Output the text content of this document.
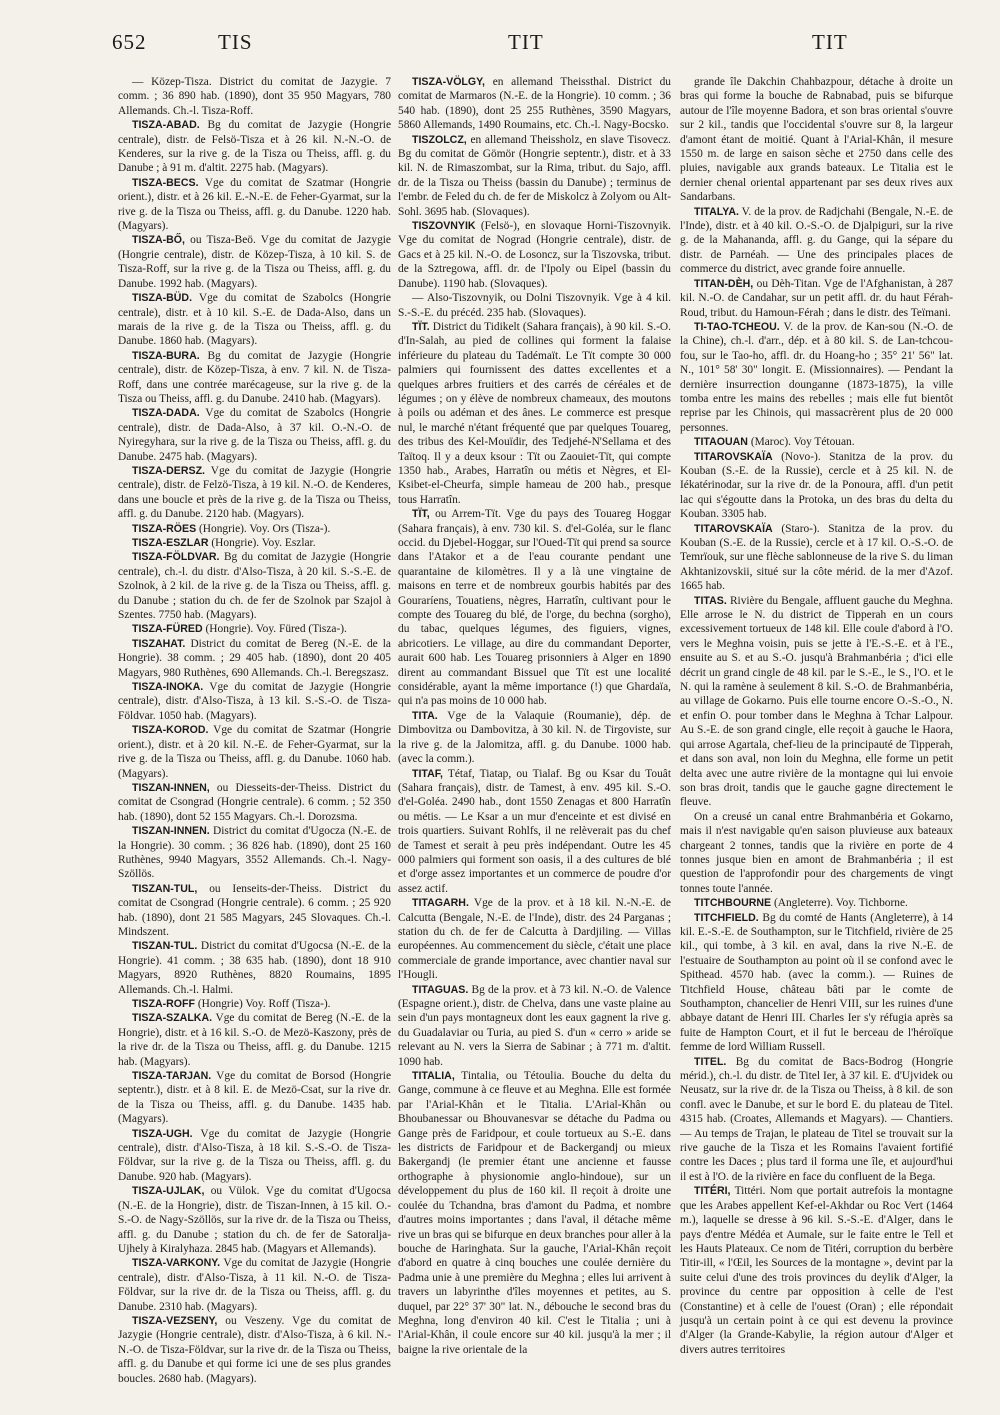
652	TIS	TIT	TIT

— Közep-Tisza. District du comitat de Jazygie. 7 comm. ; 36 890 hab. (1890), dont 35 950 Magyars, 780 Allemands. Ch.-l. Tisza-Roff.

TISZA-ABAD. Bg du comitat de Jazygie (Hongrie centrale), distr. de Felsö-Tisza et à 26 kil. N.-N.-O. de Kenderes, sur la rive g. de la Tisza ou Theiss, affl. g. du Danube ; à 91 m. d'altit. 2275 hab. (Magyars).

TISZA-BECS. Vge du comitat de Szatmar (Hongrie orient.), distr. et à 26 kil. E.-N.-E. de Feher-Gyarmat, sur la rive g. de la Tisza ou Theiss, affl. g. du Danube. 1220 hab. (Magyars).

TISZA-BŐ, ou Tisza-Beö. Vge du comitat de Jazygie (Hongrie centrale), distr. de Közep-Tisza, à 10 kil. S. de Tisza-Roff, sur la rive g. de la Tisza ou Theiss, affl. g. du Danube. 1992 hab. (Magyars).

TISZA-BÜD. Vge du comitat de Szabolcs (Hongrie centrale), distr. et à 10 kil. S.-E. de Dada-Also, dans un marais de la rive g. de la Tisza ou Theiss, affl. g. du Danube. 1860 hab. (Magyars).

TISZA-BURA. Bg du comitat de Jazygie (Hongrie centrale), distr. de Közep-Tisza, à env. 7 kil. N. de Tisza-Roff, dans une contrée marécageuse, sur la rive g. de la Tisza ou Theiss, affl. g. du Danube. 2410 hab. (Magyars).

TISZA-DADA. Vge du comitat de Szabolcs (Hongrie centrale), distr. de Dada-Also, à 37 kil. O.-N.-O. de Nyiregyhara, sur la rive g. de la Tisza ou Theiss, affl. g. du Danube. 2475 hab. (Magyars).

TISZA-DERSZ. Vge du comitat de Jazygie (Hongrie centrale), distr. de Felzö-Tisza, à 19 kil. N.-O. de Kenderes, dans une boucle et près de la rive g. de la Tisza ou Theiss, affl. g. du Danube. 2120 hab. (Magyars).

TISZA-RÖES (Hongrie). Voy. Ors (Tisza-).

TISZA-ESZLAR (Hongrie). Voy. Eszlar.

TISZA-FÖLDVAR. Bg du comitat de Jazygie (Hongrie centrale), ch.-l. du distr. d'Also-Tisza, à 20 kil. S.-S.-E. de Szolnok, à 2 kil. de la rive g. de la Tisza ou Theiss, affl. g. du Danube ; station du ch. de fer de Szolnok par Szajol à Szentes. 7750 hab. (Magyars).

TISZA-FÜRED (Hongrie). Voy. Füred (Tisza-).

TISZAHAT. District du comitat de Bereg (N.-E. de la Hongrie). 38 comm. ; 29 405 hab. (1890), dont 20 405 Magyars, 980 Ruthènes, 690 Allemands. Ch.-l. Beregszasz.

TISZA-INOKA. Vge du comitat de Jazygie (Hongrie centrale), distr. d'Also-Tisza, à 13 kil. S.-S.-O. de Tisza-Földvar. 1050 hab. (Magyars).

TISZA-KOROD. Vge du comitat de Szatmar (Hongrie orient.), distr. et à 20 kil. N.-E. de Feher-Gyarmat, sur la rive g. de la Tisza ou Theiss, affl. g. du Danube. 1060 hab. (Magyars).

TISZAN-INNEN, ou Diesseits-der-Theiss. District du comitat de Csongrad (Hongrie centrale). 6 comm. ; 52 350 hab. (1890), dont 52 155 Magyars. Ch.-l. Dorozsma.

TISZAN-INNEN. District du comitat d'Ugocza (N.-E. de la Hongrie). 30 comm. ; 36 826 hab. (1890), dont 25 160 Ruthènes, 9940 Magyars, 3552 Allemands. Ch.-l. Nagy-Szöllös.

TISZAN-TUL, ou Ienseits-der-Theiss. District du comitat de Csongrad (Hongrie centrale). 6 comm. ; 25 920 hab. (1890), dont 21 585 Magyars, 245 Slovaques. Ch.-l. Mindszent.

TISZAN-TUL. District du comitat d'Ugocsa (N.-E. de la Hongrie). 41 comm. ; 38 635 hab. (1890), dont 18 910 Magyars, 8920 Ruthènes, 8820 Roumains, 1895 Allemands. Ch.-l. Halmi.

TISZA-ROFF (Hongrie) Voy. Roff (Tisza-).

TISZA-SZALKA. Vge du comitat de Bereg (N.-E. de la Hongrie), distr. et à 16 kil. S.-O. de Mezö-Kaszony, près de la rive dr. de la Tisza ou Theiss, affl. g. du Danube. 1215 hab. (Magyars).

TISZA-TARJAN. Vge du comitat de Borsod (Hongrie septentr.), distr. et à 8 kil. E. de Mezö-Csat, sur la rive dr. de la Tisza ou Theiss, affl. g. du Danube. 1435 hab. (Magyars).

TISZA-UGH. Vge du comitat de Jazygie (Hongrie centrale), distr. d'Also-Tisza, à 18 kil. S.-S.-O. de Tisza-Földvar, sur la rive g. de la Tisza ou Theiss, affl. g. du Danube. 920 hab. (Magyars).

TISZA-UJLAK, ou Vülok. Vge du comitat d'Ugocsa (N.-E. de la Hongrie), distr. de Tiszan-Innen, à 15 kil. O.-S.-O. de Nagy-Szöllös, sur la rive dr. de la Tisza ou Theiss, affl. g. du Danube ; station du ch. de fer de Satoralja-Ujhely à Kiralyhaza. 2845 hab. (Magyars et Allemands).

TISZA-VARKONY. Vge du comitat de Jazygie (Hongrie centrale), distr. d'Also-Tisza, à 11 kil. N.-O. de Tisza-Földvar, sur la rive dr. de la Tisza ou Theiss, affl. g. du Danube. 2310 hab. (Magyars).

TISZA-VEZSENY, ou Veszeny. Vge du comitat de Jazygie (Hongrie centrale), distr. d'Also-Tisza, à 6 kil. N.-N.-O. de Tisza-Földvar, sur la rive dr. de la Tisza ou Theiss, affl. g. du Danube et qui forme ici une de ses plus grandes boucles. 2680 hab. (Magyars).

TISZA-VÖLGY, en allemand Theissthal. District du comitat de Marmaros (N.-E. de la Hongrie). 10 comm. ; 36 540 hab. (1890), dont 25 255 Ruthènes, 3590 Magyars, 5860 Allemands, 1490 Roumains, etc. Ch.-l. Nagy-Bocsko.

TISZOLCZ, en allemand Theissholz, en slave Tisovecz. Bg du comitat de Gömör (Hongrie septentr.), distr. et à 33 kil. N. de Rimaszombat, sur la Rima, tribut. du Sajo, affl. dr. de la Tisza ou Theiss (bassin du Danube) ; terminus de l'embr. de Feled du ch. de fer de Miskolcz à Zolyom ou Alt-Sohl. 3695 hab. (Slovaques).

TISZOVNYIK (Felsö-), en slovaque Horni-Tiszovnyik. Vge du comitat de Nograd (Hongrie centrale), distr. de Gacs et à 25 kil. N.-O. de Losoncz, sur la Tiszovska, tribut. de la Sztregowa, affl. dr. de l'Ipoly ou Eipel (bassin du Danube). 1190 hab. (Slovaques).

— Also-Tiszovnyik, ou Dolni Tiszovnyik. Vge à 4 kil. S.-S.-E. du précéd. 235 hab. (Slovaques).

TÏT. District du Tidikelt (Sahara français), à 90 kil. S.-O. d'In-Salah, au pied de collines qui forment la falaise inférieure du plateau du Tadémaït. Le Tït compte 30 000 palmiers qui fournissent des dattes excellentes et a quelques arbres fruitiers et des carrés de céréales et de légumes ; on y élève de nombreux chameaux, des moutons à poils ou adéman et des ânes. Le commerce est presque nul, le marché n'étant fréquenté que par quelques Touareg, des tribus des Kel-Mouïdir, des Tedjehé-N'Sellama et des Taïtoq. Il y a deux ksour : Tït ou Zaouiet-Tït, qui compte 1350 hab., Arabes, Harratîn ou métis et Nègres, et El-Ksibet-el-Cheurfa, simple hameau de 200 hab., presque tous Harratîn.

TÏT, ou Arrem-Tït. Vge du pays des Touareg Hoggar (Sahara français), à env. 730 kil. S. d'el-Goléa, sur le flanc occid. du Djebel-Hoggar, sur l'Oued-Tït qui prend sa source dans l'Atakor et a de l'eau courante pendant une quarantaine de kilomètres. Il y a là une vingtaine de maisons en terre et de nombreux gourbis habités par des Gouraríens, Touatiens, nègres, Harratîn, cultivant pour le compte des Touareg du blé, de l'orge, du bechna (sorgho), du tabac, quelques légumes, des figuiers, vignes, abricotiers. Le village, au dire du commandant Deporter, aurait 600 hab. Les Touareg prisonniers à Alger en 1890 dirent au commandant Bissuel que Tït est une localité considérable, ayant la même importance (!) que Ghardaïa, qui n'a pas moins de 10 000 hab.

TITA. Vge de la Valaquie (Roumanie), dép. de Dimbovitza ou Dambovitza, à 30 kil. N. de Tirgoviste, sur la rive g. de la Jalomitza, affl. g. du Danube. 1000 hab. (avec la comm.).

TITAF, Tétaf, Tiatap, ou Tialaf. Bg ou Ksar du Touât (Sahara français), distr. de Tamest, à env. 495 kil. S.-O. d'el-Goléa. 2490 hab., dont 1550 Zenagas et 800 Harratîn ou métis. — Le Ksar a un mur d'enceinte et est divisé en trois quartiers. Suivant Rohlfs, il ne relèverait pas du chef de Tamest et serait à peu près indépendant. Outre les 45 000 palmiers qui forment son oasis, il a des cultures de blé et d'orge assez importantes et un commerce de poudre d'or assez actif.

TITAGARH. Vge de la prov. et à 18 kil. N.-N.-E. de Calcutta (Bengale, N.-E. de l'Inde), distr. des 24 Parganas ; station du ch. de fer de Calcutta à Dardjiling. — Villas européennes. Au commencement du siècle, c'était une place commerciale de grande importance, avec chantier naval sur l'Hougli.

TITAGUAS. Bg de la prov. et à 73 kil. N.-O. de Valence (Espagne orient.), distr. de Chelva, dans une vaste plaine au sein d'un pays montagneux dont les eaux gagnent la rive g. du Guadalaviar ou Turia, au pied S. d'un « cerro » aride se relevant au N. vers la Sierra de Sabinar ; à 771 m. d'altit. 1090 hab.

TITALIA, Tintalia, ou Tétoulia. Bouche du delta du Gange, commune à ce fleuve et au Meghna. Elle est formée par l'Arial-Khân et le Titalia. L'Arial-Khân ou Bhoubanessar ou Bhouvanesvar se détache du Padma ou Gange près de Faridpour, et coule tortueux au S.-E. dans les districts de Faridpour et de Backergandj ou mieux Bakergandj (le premier étant une ancienne et fausse orthographe à physionomie anglo-hindoue), sur un développement du plus de 160 kil. Il reçoit à droite une coulée du Tchandna, bras d'amont du Padma, et nombre d'autres moins importantes ; dans l'aval, il détache même rive un bras qui se bifurque en deux branches pour aller à la bouche de Haringhata. Sur la gauche, l'Arial-Khân reçoit d'abord en quatre à cinq bouches une coulée dernière du Padma unie à une première du Meghna ; elles lui arrivent à travers un labyrinthe d'îles moyennes et petites, au S. duquel, par 22° 37' 30" lat. N., débouche le second bras du Meghna, long d'environ 40 kil. C'est le Titalia ; uni à l'Arial-Khân, il coule encore sur 40 kil. jusqu'à la mer ; il baigne la rive orientale de la

grande île Dakchin Chahbazpour, détache à droite un bras qui forme la bouche de Rabnabad, puis se bifurque autour de l'île moyenne Badora, et son bras oriental s'ouvre sur 2 kil., tandis que l'occidental s'ouvre sur 8, la largeur d'amont étant de moitié. Quant à l'Arial-Khân, il mesure 1550 m. de large en saison sèche et 2750 dans celle des pluies, navigable aux grands bateaux. Le Titalia est le dernier chenal oriental appartenant par ses deux rives aux Sandarbans.

TITALYA. V. de la prov. de Radjchahi (Bengale, N.-E. de l'Inde), distr. et à 40 kil. O.-S.-O. de Djalpiguri, sur la rive g. de la Mahananda, affl. g. du Gange, qui la sépare du distr. de Parnéah. — Une des principales places de commerce du district, avec grande foire annuelle.

TITAN-DÈH, ou Dèh-Titan. Vge de l'Afghanistan, à 287 kil. N.-O. de Candahar, sur un petit affl. dr. du haut Férah-Roud, tribut. du Hamoun-Férah ; dans le distr. des Teïmani.

TI-TAO-TCHEOU. V. de la prov. de Kan-sou (N.-O. de la Chine), ch.-l. d'arr., dép. et à 80 kil. S. de Lan-tchcou-fou, sur le Tao-ho, affl. dr. du Hoang-ho ; 35° 21' 56" lat. N., 101° 58' 30" longit. E. (Missionnaires). — Pendant la dernière insurrection dounganne (1873-1875), la ville tomba entre les mains des rebelles ; mais elle fut bientôt reprise par les Chinois, qui massacrèrent plus de 20 000 personnes.

TITAOUAN (Maroc). Voy Tétouan.

TITAROVSKAÏA (Novo-). Stanitza de la prov. du Kouban (S.-E. de la Russie), cercle et à 25 kil. N. de Iékatérinodar, sur la rive dr. de la Ponoura, affl. d'un petit lac qui s'égoutte dans la Protoka, un des bras du delta du Kouban. 3305 hab.

TITAROVSKAÏA (Staro-). Stanitza de la prov. du Kouban (S.-E. de la Russie), cercle et à 17 kil. O.-S.-O. de Temrïouk, sur une flèche sablonneuse de la rive S. du liman Akhtanizovskii, situé sur la côte mérid. de la mer d'Azof. 1665 hab.

TITAS. Rivière du Bengale, affluent gauche du Meghna. Elle arrose le N. du district de Tipperah en un cours excessivement tortueux de 148 kil. Elle coule d'abord à l'O. vers le Meghna voisin, puis se jette à l'E.-S.-E. et à l'E., ensuite au S. et au S.-O. jusqu'à Brahmanbéria ; d'ici elle décrit un grand cingle de 48 kil. par le S.-E., le S., l'O. et le N. qui la ramène à seulement 8 kil. S.-O. de Brahmanbéria, au village de Gokarno. Puis elle tourne encore O.-S.-O., N. et enfin O. pour tomber dans le Meghna à Tchar Lalpour. Au S.-E. de son grand cingle, elle reçoit à gauche le Haora, qui arrose Agartala, chef-lieu de la principauté de Tipperah, et dans son aval, non loin du Meghna, elle forme un petit delta avec une autre rivière de la montagne qui lui envoie son bras droit, tandis que le gauche gagne directement le fleuve.

On a creusé un canal entre Brahmanbéria et Gokarno, mais il n'est navigable qu'en saison pluvieuse aux bateaux chargeant 2 tonnes, tandis que la rivière en porte de 4 tonnes jusque bien en amont de Brahmanbéria ; il est question de l'approfondir pour des chargements de vingt tonnes toute l'année.

TITCHBOURNE (Angleterre). Voy. Tichborne.

TITCHFIELD. Bg du comté de Hants (Angleterre), à 14 kil. E.-S.-E. de Southampton, sur le Titchfield, rivière de 25 kil., qui tombe, à 3 kil. en aval, dans la rive N.-E. de l'estuaire de Southampton au point où il se confond avec le Spithead. 4570 hab. (avec la comm.). — Ruines de Titchfield House, château bâti par le comte de Southampton, chancelier de Henri VIII, sur les ruines d'une abbaye datant de Henri III. Charles Ier s'y réfugia après sa fuite de Hampton Court, et il fut le berceau de l'héroïque femme de lord William Russell.

TITEL. Bg du comitat de Bacs-Bodrog (Hongrie mérid.), ch.-l. du distr. de Titel Ier, à 37 kil. E. d'Ujvidek ou Neusatz, sur la rive dr. de la Tisza ou Theiss, à 8 kil. de son confl. avec le Danube, et sur le bord E. du plateau de Titel. 4315 hab. (Croates, Allemands et Magyars). — Chantiers. — Au temps de Trajan, le plateau de Titel se trouvait sur la rive gauche de la Tisza et les Romains l'avaient fortifié contre les Daces ; plus tard il forma une île, et aujourd'hui il est à l'O. de la rivière en face du confluent de la Bega.

TITÉRI, Tittéri. Nom que portait autrefois la montagne que les Arabes appellent Kef-el-Akhdar ou Roc Vert (1464 m.), laquelle se dresse à 96 kil. S.-S.-E. d'Alger, dans le pays d'entre Médéa et Aumale, sur le faite entre le Tell et les Hauts Plateaux. Ce nom de Titéri, corruption du berbère Titir-ill, « l'Œil, les Sources de la montagne », devint par la suite celui d'une des trois provinces du deylik d'Alger, la province du centre par opposition à celle de l'est (Constantine) et à celle de l'ouest (Oran) ; elle répondait jusqu'à un certain point à ce qui est devenu la province d'Alger (la Grande-Kabylie, la région autour d'Alger et divers autres territoires
